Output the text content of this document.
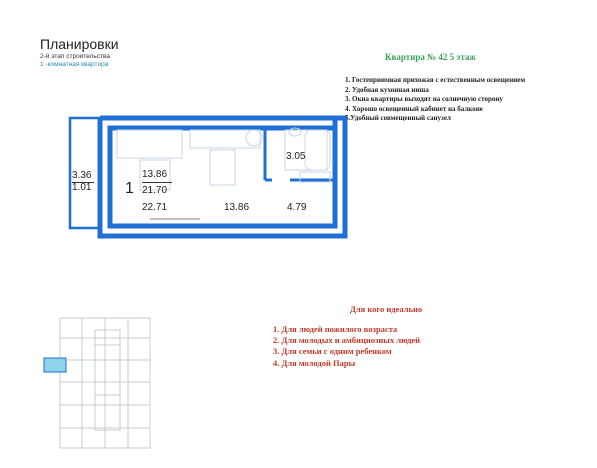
Планировки
2-й этап строительства
1 -комнатная квартира
Квартира № 42 5 этаж
1. Гостеприимная прихожая с естественным освещением
2. Удобная кухонная ниша
3. Окна квартиры выходят на солнечную сторону
4. Хорошо освещенный кабинет на балконе
5.Удобный совмещенный санузел
3.36
1.01 1
13.86
21.70
22.71	13.86	4.79
3.05
Для кого идеально
1. Для людей пожилого возраста
2. Для молодых и амбициозных людей
3. Для семьи с одним ребенком
4. Для молодой Пары
